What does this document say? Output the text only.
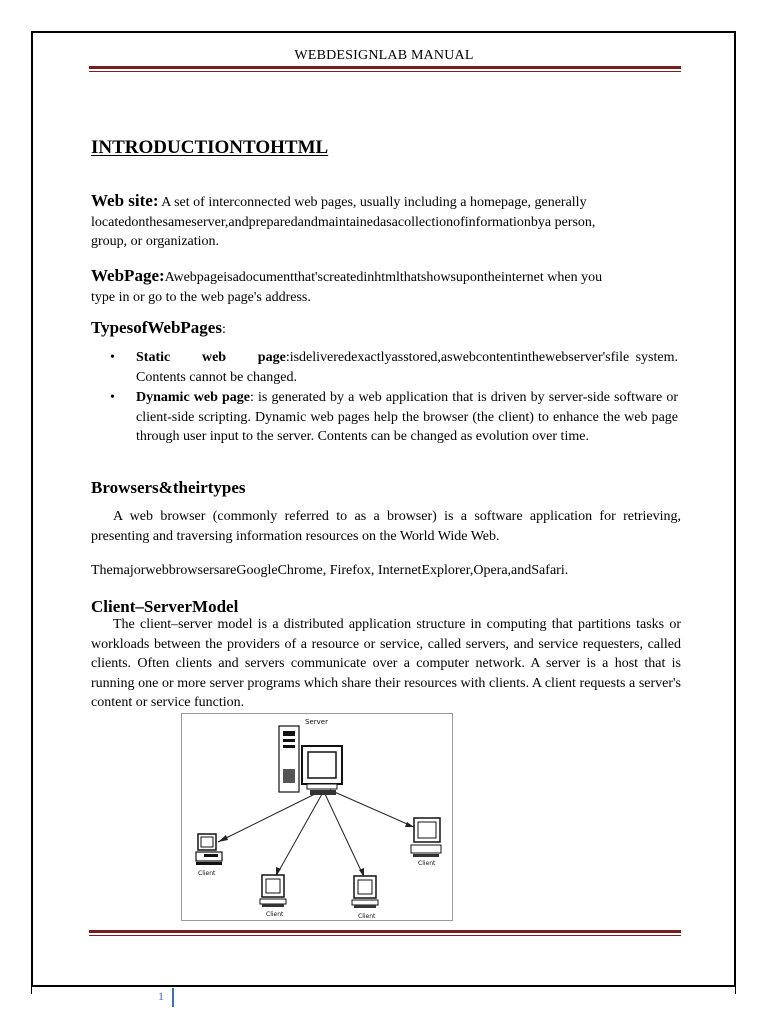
WEBDESIGNLAB MANUAL
INTRODUCTIONTOHTML
Web site: A set of interconnected web pages, usually including a homepage, generally
locatedonthesameserver,andpreparedandmaintainedasacollectionofinformationbya person,
group, or organization.
WebPage:Awebpageisadocumentthat'screatedinhtmlthatshowsupontheinternet when you
type in or go to the web page's address.
TypesofWebPages:
• Static     web     page:isdeliveredexactlyasstored,aswebcontentinthewebserver'sfile system. Contents cannot be changed.
• Dynamic web page: is generated by a web application that is driven by server-side software or client-side scripting. Dynamic web pages help the browser (the client) to enhance the web page through user input to the server. Contents can be changed as evolution over time.
Browsers&theirtypes
A web browser (commonly referred to as a browser) is a software application for retrieving, presenting and traversing information resources on the World Wide Web.
ThemajorwebbrowsersareGoogleChrome, Firefox, InternetExplorer,Opera,andSafari.
Client–ServerModel
The client–server model is a distributed application structure in computing that partitions tasks or workloads between the providers of a resource or service, called servers, and service requesters, called clients. Often clients and servers communicate over a computer network. A server is a host that is running one or more server programs which share their resources with clients. A client requests a server's content or service function.
Server
Client
Client	Client
Client
1
